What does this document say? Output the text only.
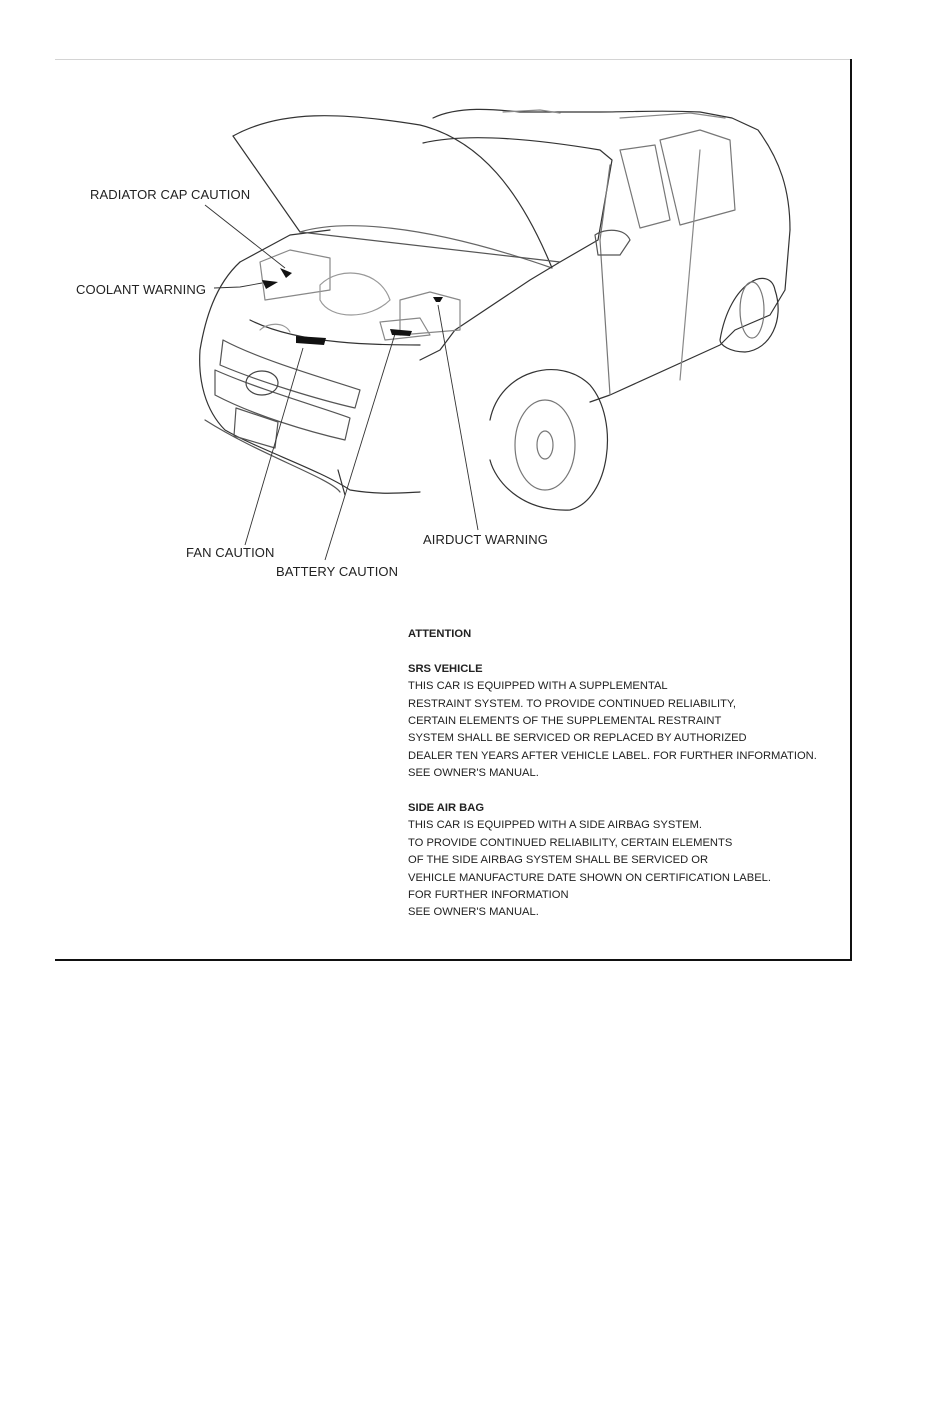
RADIATOR CAP CAUTION
COOLANT WARNING
FAN CAUTION
BATTERY CAUTION
AIRDUCT WARNING
ATTENTION
SRS VEHICLE
THIS CAR IS EQUIPPED WITH A SUPPLEMENTAL
RESTRAINT SYSTEM. TO PROVIDE CONTINUED RELIABILITY,
CERTAIN ELEMENTS OF THE SUPPLEMENTAL RESTRAINT
SYSTEM SHALL BE SERVICED OR REPLACED BY AUTHORIZED
DEALER TEN YEARS AFTER VEHICLE LABEL. FOR FURTHER INFORMATION.
SEE OWNER'S MANUAL.
SIDE AIR BAG
THIS CAR IS EQUIPPED WITH A SIDE AIRBAG SYSTEM.
TO PROVIDE CONTINUED RELIABILITY, CERTAIN ELEMENTS
OF THE SIDE AIRBAG SYSTEM SHALL BE SERVICED OR
VEHICLE MANUFACTURE DATE SHOWN ON CERTIFICATION LABEL.
FOR FURTHER INFORMATION
SEE OWNER'S MANUAL.
